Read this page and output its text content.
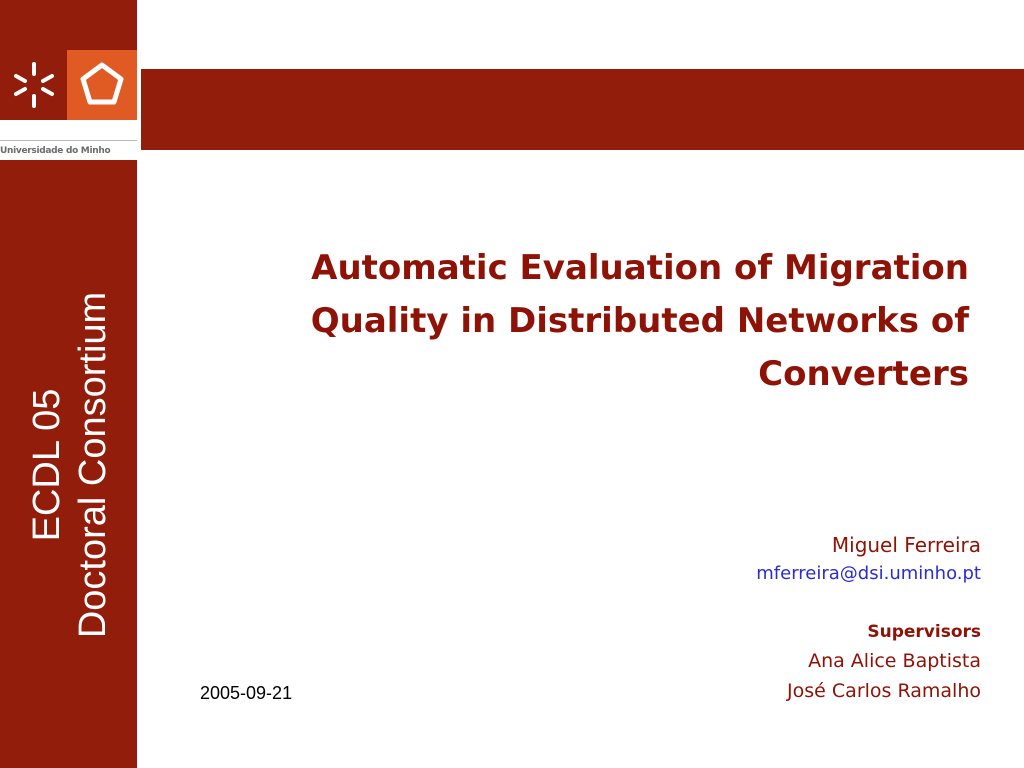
Universidade do Minho
ECDL 05 Doctoral Consortium
Automatic Evaluation of Migration
Quality in Distributed Networks of
Converters
Miguel Ferreira
mferreira@dsi.uminho.pt
Supervisors
Ana Alice Baptista
José Carlos Ramalho
2005-09-21
